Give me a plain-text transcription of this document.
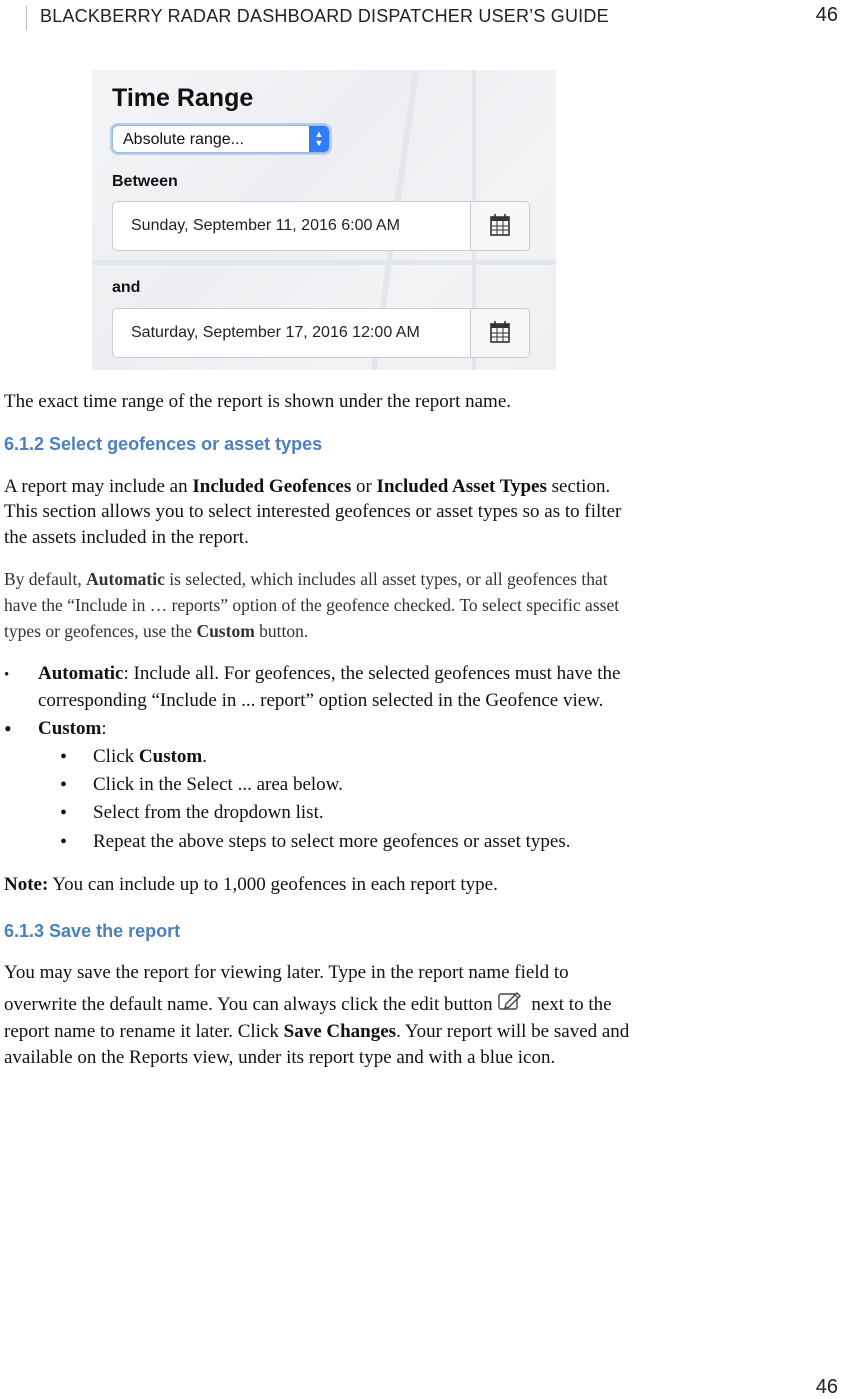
BLACKBERRY RADAR DASHBOARD DISPATCHER USER’S GUIDE	46
Time Range
Absolute range...	▲
▼
Between
Sunday, September 11, 2016 6:00 AM
and
Saturday, September 17, 2016 12:00 AM
The exact time range of the report is shown under the report name.
6.1.2 Select geofences or asset types
A report may include an Included Geofences or Included Asset Types section.
This section allows you to select interested geofences or asset types so as to filter
the assets included in the report.
By default, Automatic is selected, which includes all asset types, or all geofences that
have the “Include in … reports” option of the geofence checked. To select specific asset
types or geofences, use the Custom button.
• Automatic: Include all. For geofences, the selected geofences must have the
corresponding “Include in ... report” option selected in the Geofence view.
• Custom:
• Click Custom.
• Click in the Select ... area below.
• Select from the dropdown list.
• Repeat the above steps to select more geofences or asset types.
Note: You can include up to 1,000 geofences in each report type.
6.1.3 Save the report
You may save the report for viewing later. Type in the report name field to
overwrite the default name. You can always click the edit button next to the
report name to rename it later. Click Save Changes. Your report will be saved and
available on the Reports view, under its report type and with a blue icon.
46
